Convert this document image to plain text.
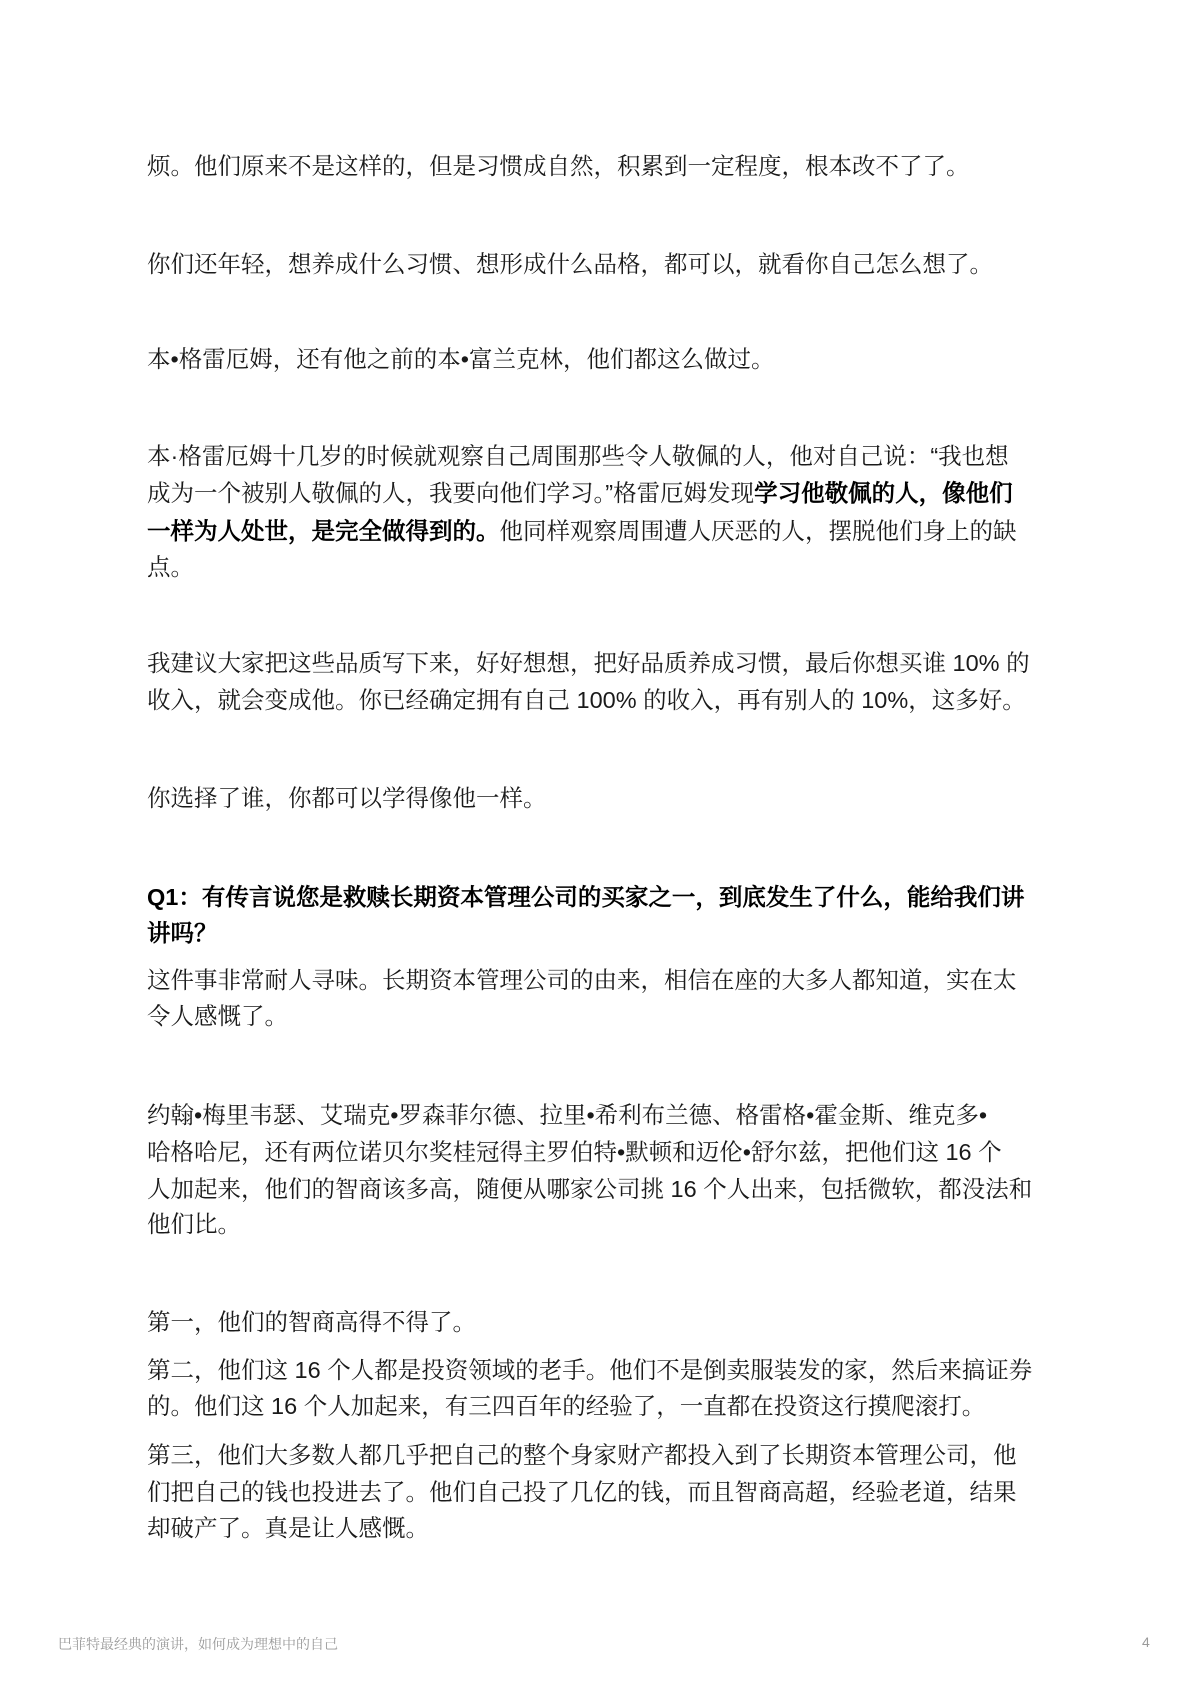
烦。他们原来不是这样的，但是习惯成自然，积累到一定程度，根本改不了了。
你们还年轻，想养成什么习惯、想形成什么品格，都可以，就看你自己怎么想了。
本•格雷厄姆，还有他之前的本•富兰克林，他们都这么做过。
本·格雷厄姆十几岁的时候就观察自己周围那些令人敬佩的人，他对自己说：“我也想
成为一个被别人敬佩的人，我要向他们学习。”格雷厄姆发现学习他敬佩的人，像他们
一样为人处世，是完全做得到的。他同样观察周围遭人厌恶的人，摆脱他们身上的缺
点。
我建议大家把这些品质写下来，好好想想，把好品质养成习惯，最后你想买谁 10% 的
收入，就会变成他。你已经确定拥有自己 100% 的收入，再有别人的 10%，这多好。
你选择了谁，你都可以学得像他一样。
Q1：有传言说您是救赎长期资本管理公司的买家之一，到底发生了什么，能给我们讲
讲吗？
这件事非常耐人寻味。长期资本管理公司的由来，相信在座的大多人都知道，实在太
令人感慨了。
约翰•梅里韦瑟、艾瑞克•罗森菲尔德、拉里•希利布兰德、格雷格•霍金斯、维克多•
哈格哈尼，还有两位诺贝尔奖桂冠得主罗伯特•默顿和迈伦•舒尔兹，把他们这 16 个
人加起来，他们的智商该多高，随便从哪家公司挑 16 个人出来，包括微软，都没法和
他们比。
第一，他们的智商高得不得了。
第二，他们这 16 个人都是投资领域的老手。他们不是倒卖服装发的家，然后来搞证券
的。他们这 16 个人加起来，有三四百年的经验了，一直都在投资这行摸爬滚打。
第三，他们大多数人都几乎把自己的整个身家财产都投入到了长期资本管理公司，他
们把自己的钱也投进去了。他们自己投了几亿的钱，而且智商高超，经验老道，结果
却破产了。真是让人感慨。
巴菲特最经典的演讲，如何成为理想中的自己	4
